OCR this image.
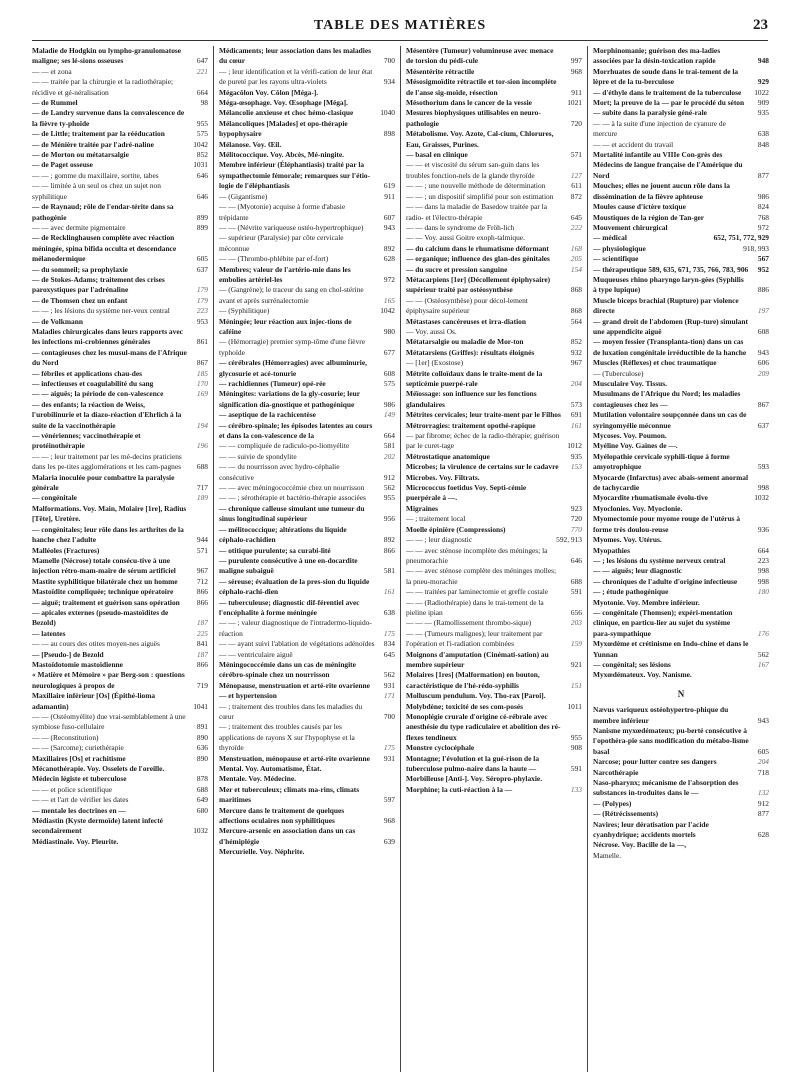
TABLE DES MATIÈRES	23
Maladie de Hodgkin ou lympho-granulomatose maligne; ses lé-sions osseuses	647
— — et zona	221
— — traitée par la chirurgie et la radiothérapie; récidive et gé-néralisation	664
— de Rummel	98
— de Landry survenue dans la convalescence de la fièvre ty-phoïde	955
— de Little; traitement par la rééducation	575
— de Ménière traitée par l'adré-naline	1042
— de Morton ou métatarsalgie	852
— de Paget osseuse	1031
— — ; gomme du maxillaire, sortite, tabes	646
— — limitée à un seul os chez un sujet non syphilitique	646
— de Raynaud; rôle de l'endar-térite dans sa pathogénie	899
— — avec dermite pigmentaire	899
— de Recklinghausen complète avec réaction méningée, spina bifida occulta et descendance mélanodermique	605
— du sommeil; sa prophylaxie	637
— de Stokes-Adams; traitement des crises paroxystiques par l'adrénaline	179
— de Thomsen chez un enfant	179
— — ; les lésions du système ner-veux central	223
— de Volkmann	953
Maladies chirurgicales dans leurs rapports avec les infections mi-crobiennes générales	861
— contagieuses chez les musul-mans de l'Afrique du Nord	867
— fébriles et applications chau-des	185
— infectieuses et coagulabilité du sang	170
— — aiguës; la période de con-valescence	169
— des enfants; la réaction de Weiss, l'urobilinurie et la diazo-réaction d'Ehrlich à la suite de la vaccinothérapie	194
— vénériennes; vaccinothérapie et protéinothérapie	196
— — ; leur traitement par les mé-decins praticiens dans les pe-tites agglomérations et les cam-pagnes	688
Malaria inoculée pour combattre la paralysie générale	717
— congénitale	189
Malformations. Voy. Main, Molaire [1re], Radius [Tête], Uretère.
— congénitales; leur rôle dans les arthrites de la hanche chez l'adulte	944
Malléoles (Fractures)	571
Mamelle (Nécrose) totale consécu-tive à une injection rétro-mam-maire de sérum artificiel	967
Mastite syphilitique bilatérale chez un homme	712
Mastoïdite compliquée; technique opératoire	866
— aiguë; traitement et guérison sans opération	866
— apicales externes (pseudo-mastoïdites de Bezold)	187
— latentes	225
— — au cours des otites moyen-nes aiguës	841
— [Pseudo-] de Bezold	187
Mastoïdotomie mastoïdienne	866
« Matière et Mémoire » par Berg-son : questions neurologiques à propos de	719
Maxillaire inférieur [Os] (Épithé-lioma adamantin)	1041
— — (Ostéomyélite) due vrai-semblablement à une symbiose fuso-cellulaire	891
— — (Reconstitution)	890
— — (Sarcome); curiethérapie	636
Maxillaires [Os] et rachitisme	890
Mécanothérapie. Voy. Osselets de l'oreille.
Médecin légiste et tuberculose	878
— — et police scientifique	688
— — et l'art de vérifier les dates	649
— mentale les doctrines en —	680
Médiastin (Kyste dermoïde) latent infecté secondairement	1032
Médiastinale. Voy. Pleurite.
Médicaments; leur association dans les maladies du cœur	700
— ; leur identification et la vérifi-cation de leur état de pureté par les rayons ultra-violets	934
Mégacôlon Voy. Côlon [Méga-].
Méga-œsophage. Voy. Œsophage [Méga].
Mélancolie anxieuse et choc hémo-clasique	1040
Mélancoliques [Malades] et opo-thérapie hypophysaire	898
Mélanose. Voy. Œil.
Mélitococcique. Voy. Abcès, Mé-ningite.
Membre inférieur (Éléphantiasis) traité par la sympathectomie fémorale; remarques sur l'étio-logie de l'éléphantiasis	619
— (Gigantisme)	911
— — (Myotonie) acquise à forme d'abasie trépidante	607
— — (Névrite variqueuse ostéo-hypertrophique)	943
— supérieur (Paralysie) par côte cervicale méconnue	892
— — (Thrombo-phlébite par ef-fort)	628
Membres; valeur de l'artério-mie dans les embolies artériel-les	972
— (Gangrène); le traceur du sang en chol-stérine avant et après surrénalectomie	165
— (Syphilitique)	1042
Méningée; leur réaction aux injec-tions de caféine	980
— (Hémorragie) premier symp-tôme d'une fièvre typhoïde	677
— cérébrales (Hémorragies) avec albuminurie, glycosurie et acé-tonurie	608
— rachidiennes (Tumeur) opé-rée	575
Méningites: variations de la gly-cosurie; leur signification dia-gnostique et pathogénique	986
— aseptique de la rachicentèse	149
— cérébro-spinale; les épisodes latentes au cours et dans la con-valescence de la	664
— — compliquée de radiculo-po-liomyélite	581
— — suivie de spondylite	202
— — du nourrisson avec hydro-céphalie consécutive	912
— — avec méningococcémie chez un nourrisson	562
— — ; sérothérapie et bactério-thérapie associées	955
— chronique calleuse simulant une tumeur du sinus longitudinal supérieur	956
— mélitococcique; altérations du liquide céphalo-rachidien	892
— otitique purulente; sa curabi-lité	866
— purulente consécutive à une en-docardite maligne subaiguë	581
— séreuse; évaluation de la pres-sion du liquide céphalo-rachi-dien	161
— tuberculeuse; diagnostic dif-férentiel avec l'encéphalite à forme méningée	638
— — ; valeur diagnostique de l'intradermo-liquido-réaction	175
— — ayant suivi l'ablation de végétations adénoïdes	834
— — ventriculaire aiguë	645
Méningococcémie dans un cas de méningite cérébro-spinale chez un nourrisson	562
Ménopause, menstruation et arté-rite ovarienne	931
— et hypertension	171
— ; traitement des troubles dans les maladies du cœur	700
— ; traitement des troubles causés par les applications de rayons X sur l'hypophyse et la thyroïde	175
Menstruation, ménopause et arté-rite ovarienne	931
Mental. Voy. Automatisme, État.
Mentale. Voy. Médecine.
Mer et tuberculeux; climats ma-rins, climats maritimes	597
Mercure dans le traitement de quelques affections oculaires non syphilitiques	968
Mercure-arsenic en association dans un cas d'hémiplégie	639
Mercurielle. Voy. Néphrite.
Mésentère (Tumeur) volumineuse avec menace de torsion du pédi-cule	997
Mésentérite rétractile	968
Mésosigmoïdite rétractile et tor-sion incomplète de l'anse sig-moïde, résection	911
Mésothorium dans le cancer de la vessie	1021
Mesures biophysiques utilisables en neuro-pathologie	720
Métabolisme. Voy. Azote, Cal-cium, Chlorures, Eau, Graisses, Purines.
— basal en clinique	571
— — et viscosité du sérum san-guin dans les troubles fonction-nels de la glande thyroïde	127
— — ; une nouvelle méthode de détermination	611
— — ; un dispositif simplifié pour son estimation	872
— — dans la maladie de Basedow traitée par la radio- et l'électro-thérapie	645
— — dans le syndrome de Fröh-lich	222
— — Voy. aussi Goitre exoph-talmique.
— du calcium dans le rhumatisme déformant	168
— organique; influence des glan-des génitales	205
— du sucre et pression sanguine	154
Métacarpiens [1er] (Décollement épiphysaire) supérieur traité par ostéosynthèse	868
— — (Ostéosynthèse) pour décol-lement épiphysaire supérieur	868
Métastases cancéreuses et irra-diation	564
— Voy. aussi Os.
Métatarsalgie ou maladie de Mor-ton	852
Métatarsiens (Griffes): résultats éloignés	932
— [1er] (Exostose)	967
Métrite colloïdaux dans le traite-ment de la septicémie puerpé-rale	204
Méïossage: son influence sur les fonctions glandulaires	573
Métrites cervicales; leur traite-ment par le Filhos	691
Métrorragies: traitement opothé-rapique	161
— par fibrome; échec de la radio-thérapie; guérison par le curet-tage	1012
Métrostatique anatomique	935
Microbes; la virulence de certains sur le cadavre	153
Microbes. Voy. Filtrats.
Micrococcus foetidus Voy. Septi-cémie puerpérale à —.
Migraines	923
— ; traitement local	720
Moelle épinière (Compressions)	770
— — ; leur diagnostic	592, 913
— — avec sténose incomplète des méninges; la pneumorachie	646
— — avec sténose complète des méninges molles; la pneu-morachie	688
— — traitées par laminectomie et greffe costale	591
— — (Radiothérapie) dans le trai-tement de la pieline ipian	656
— — — (Ramollissement thrombo-sique)	203
— — (Tumeurs malignes); leur traitement par l'opération et l'i-radiation combinées	159
Moignons d'amputation (Cinémati-sation) au membre supérieur	921
Molaires [1res] (Malformation) en bouton, caractéristique de l'hé-rédo-syphilis	151
Molluscum pendulum. Voy. Tho-rax [Paroi].
Molybdène; toxicité de ses com-posés	1011
Monoplégie crurale d'origine cé-rébrale avec anesthésie du type radiculaire et abolition des ré-flexes tendineux	955
Monstre cyclocéphale	908
Montagne; l'évolution et la gué-rison de la tuberculose pulmo-naire dans la haute —	591
Morbilleuse [Anti-]. Voy. Séropro-phylaxie.
Morphine; la cuti-réaction à la —	133
Morphinomanie; guérison des ma-ladies associées par la désin-toxication rapide	948
Morrhuates de soude dans le trai-tement de la lèpre et de la tu-berculose	929
— d'éthyle dans le traitement de la tuberculose	1022
Mort; la preuve de la — par le procédé du séton	909
— subite dans la paralysie géné-rale	935
— — à la suite d'une injection de cyanure de mercure	638
— — et accident du travail	848
Mortalité infantile au VIIIe Con-grès des Médecins de langue française de l'Amérique du Nord	877
Mouches; elles ne jouent aucun rôle dans la dissémination de la fièvre aphteuse	986
Moules cause d'ictère toxique	824
Moustiques de la région de Tan-ger	768
Mouvement chirurgical	972
— médical	652, 751, 772, 929
— physiologique	918, 993
— scientifique	567
— thérapeutique 589, 635, 671, 735, 766, 783, 906	952
Muqueuses rhino pharyngo laryn-gées (Syphilis à type lupique)	886
Muscle biceps brachial (Rupture) par violence directe	197
— grand droit de l'abdomen (Rup-ture) simulant une appendicite aiguë	608
— moyen fessier (Transplanta-tion) dans un cas de luxation congénitale irréductible de la hanche	943
Muscles (Réflexes) et choc traumatique	606
— (Tuberculose)	209
Musculaire Voy. Tissus.
Musulmans de l'Afrique du Nord; les maladies contagieuses chez les —	867
Mutilation volontaire soupçonnée dans un cas de syringomyélie méconnue	637
Mycoses. Voy. Poumon.
Myéline Voy. Gaines de —.
Myélopathie cervicale syphili-tique à forme amyotrophique	593
Myocarde (Infarctus) avec abais-sement anormal de tachycardie	998
Myocardite rhumatismale évolu-tive	1032
Myoclonies. Voy. Myoclonie.
Myomectomie pour myome rouge de l'utérus à forme très doulou-reuse	936
Myomes. Voy. Utérus.
Myopathies	664
— ; les lésions du système nerveux central	223
— — aiguës; leur diagnostic	998
— chroniques de l'adulte d'origine infectieuse	998
— ; étude pathogénique	180
Myotonie. Voy. Membre inférieur.
— congénitale (Thomsen); expéri-mentation clinique, en particu-lier au sujet du système para-sympathique	176
Myxœdème et crétinisme en Indo-chine et dans le Yunnan	562
— congénital; ses lésions	167
Myxœdémateux. Voy. Nanisme.
N
Nævus variqueux ostéohypertro-phique du membre inférieur	943
Nanisme myxœdémateux; pu-berté consécutive à l'opothéra-pie sans modification du métabo-lisme basal	605
Narcose; pour lutter contre ses dangers	204
Narcothérapie	718
Naso-pharynx; mécanisme de l'absorption des substances in-troduites dans le —	132
— (Polypes)	912
— (Rétrécissements)	877
Navires; leur dératisation par l'acide cyanhydrique; accidents mortels	628
Nécrose. Voy. Bacille de la —,
Mamelle.
